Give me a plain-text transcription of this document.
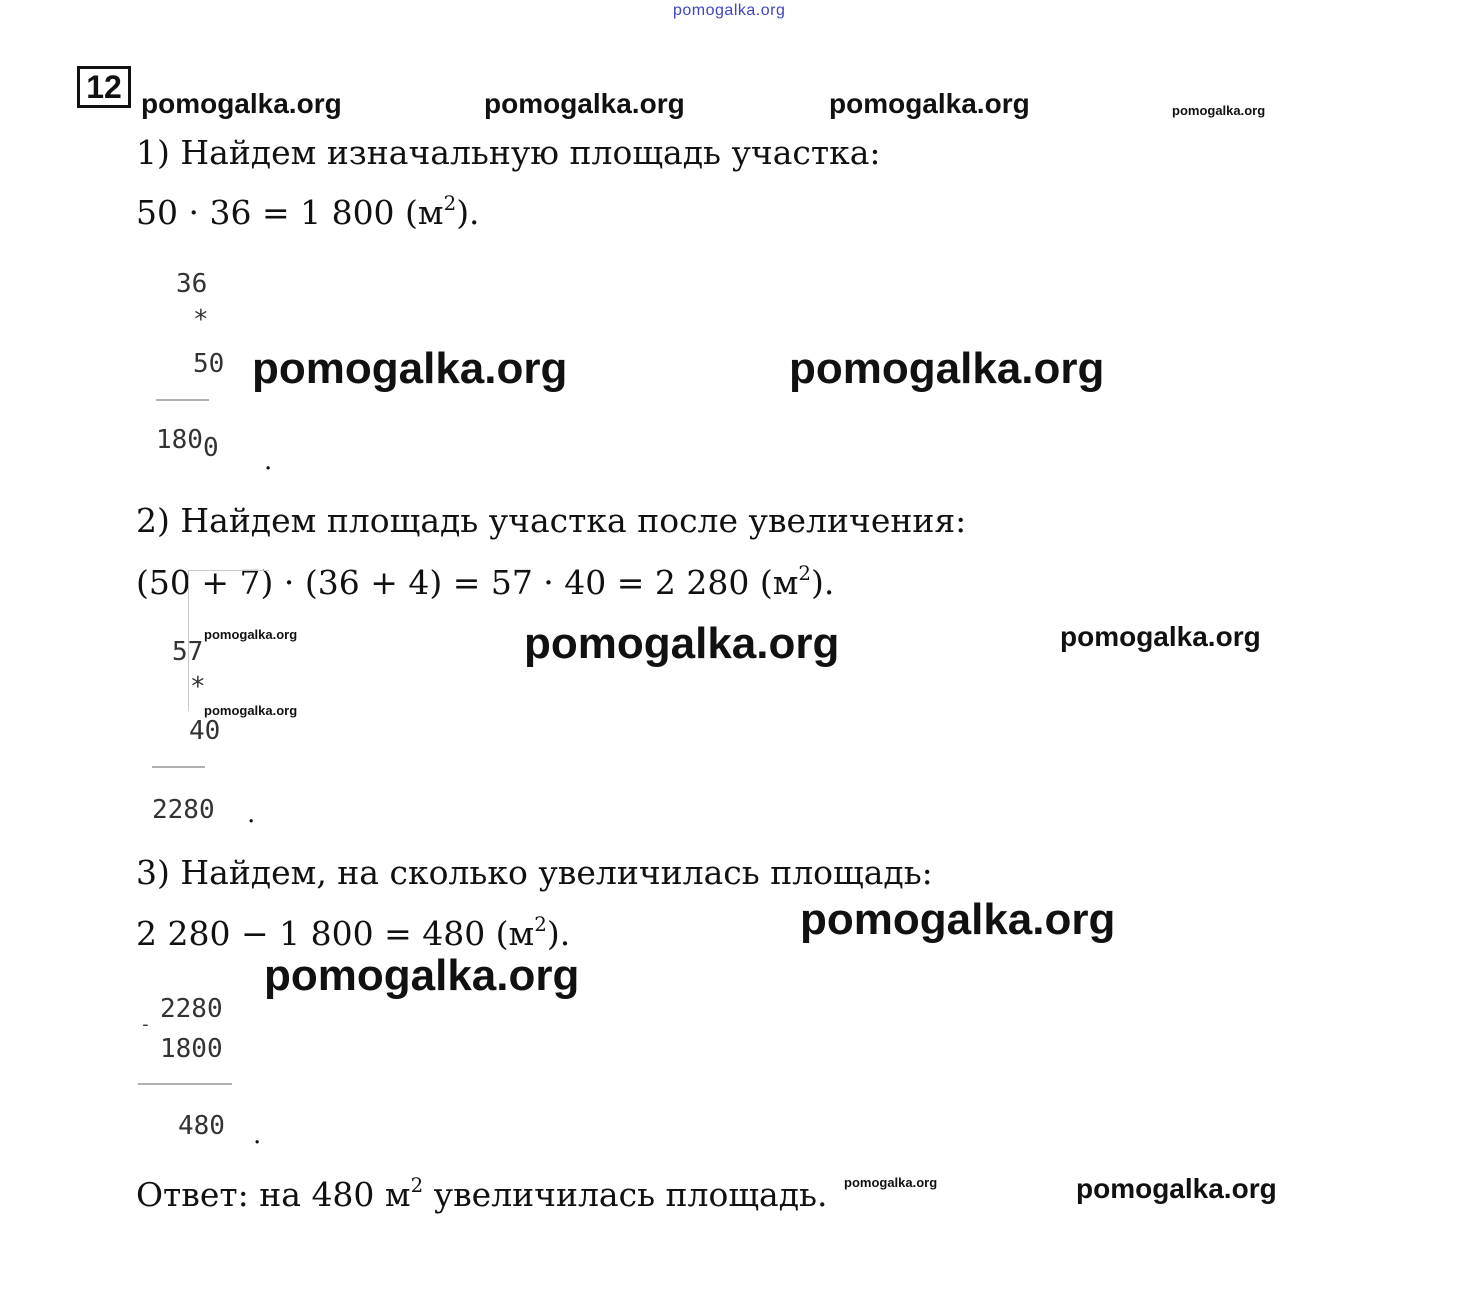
pomogalka.org
12 pomogalka.org	pomogalka.org	pomogalka.org	pomogalka.org
1) Найдем изначальную площадь участка:
50 · 36 = 1 800 $(м^2)$.
36
*
50
1800 .
pomogalka.org	pomogalka.org
2) Найдем площадь участка после увеличения:
(50 + 7) · (36 + 4) = 57 · 40 = 2 280 $(м^2)$.
57
*
40
2280 .
pomogalka.org
pomogalka.org
pomogalka.org	pomogalka.org
3) Найдем, на сколько увеличилась площадь:
2 280 − 1 800 = 480 $(м^2)$.	pomogalka.org
pomogalka.org
2280
-
1800
480 .
Ответ: на 480 $м^2$ увеличилась площадь. pomogalka.org	pomogalka.org
